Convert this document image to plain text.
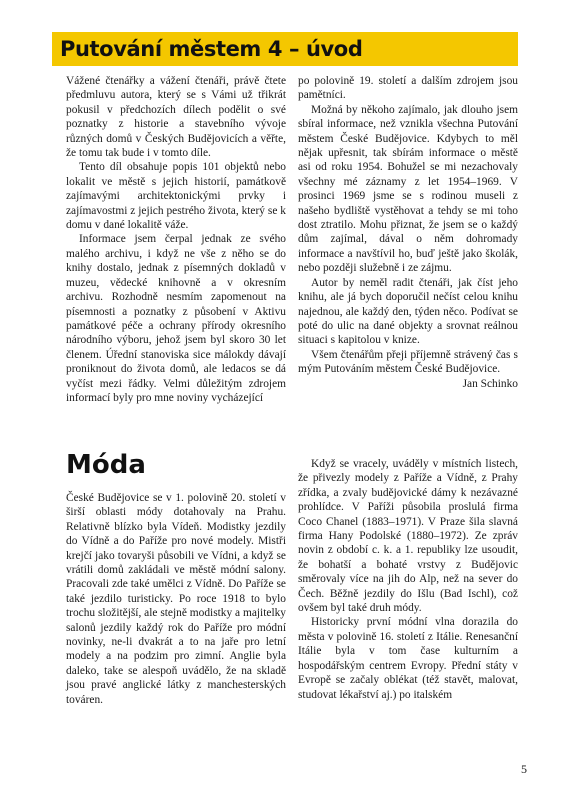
Putování městem 4 – úvod

Vážené čtenářky a vážení čtenáři, právě čtete předmluvu autora, který se s Vámi už třikrát pokusil v předchozích dílech podělit o své poznatky z historie a stavebního vývoje různých domů v Českých Budějovicích a věřte, že tomu tak bude i v tomto díle.

Tento díl obsahuje popis 101 objektů nebo lokalit ve městě s jejich historií, památkově zajímavými architektonickými prvky i zajímavostmi z jejich pestrého života, který se k domu v dané lokalitě váže.

Informace jsem čerpal jednak ze svého malého archivu, i když ne vše z něho se do knihy dostalo, jednak z písemných dokladů v muzeu, vědecké knihovně a v okresním archivu. Rozhodně nesmím zapomenout na písemnosti a poznatky z působení v Aktivu památkové péče a ochrany přírody okresního národního výboru, jehož jsem byl skoro 30 let členem. Úřední stanoviska sice málokdy dávají proniknout do života domů, ale ledacos se dá vyčíst mezi řádky. Velmi důležitým zdrojem informací byly pro mne noviny vycházející

po polovině 19. století a dalším zdrojem jsou pamětníci.

Možná by někoho zajímalo, jak dlouho jsem sbíral informace, než vznikla všechna Putování městem České Budějovice. Kdybych to měl nějak upřesnit, tak sbírám informace o městě asi od roku 1954. Bohužel se mi nezachovaly všechny mé záznamy z let 1954–1969. V prosinci 1969 jsme se s rodinou museli z našeho bydliště vystěhovat a tehdy se mi toho dost ztratilo. Mohu přiznat, že jsem se o každý dům zajímal, dával o něm dohromady informace a navštívil ho, buď ještě jako školák, nebo později služebně i ze zájmu.

Autor by neměl radit čtenáři, jak číst jeho knihu, ale já bych doporučil nečíst celou knihu najednou, ale každý den, týden něco. Podívat se poté do ulic na dané objekty a srovnat reálnou situaci s kapitolou v knize.

Všem čtenářům přeji příjemně strávený čas s mým Putováním městem České Budějovice.

Jan Schinko
Móda

České Budějovice se v 1. polovině 20. století v širší oblasti módy dotahovaly na Prahu. Relativně blízko byla Vídeň. Modistky jezdily do Vídně a do Paříže pro nové modely. Mistři krejčí jako tovaryši působili ve Vídni, a když se vrátili domů zakládali ve městě módní salony. Pracovali zde také umělci z Vídně. Do Paříže se také jezdilo turisticky. Po roce 1918 to bylo trochu složitější, ale stejně modistky a majitelky salonů jezdily každý rok do Paříže pro módní novinky, ne-li dvakrát a to na jaře pro letní modely a na podzim pro zimní. Anglie byla daleko, take se alespoň uvádělo, že na skladě jsou pravé anglické látky z manchesterských továren.

Když se vracely, uváděly v místních listech, že přivezly modely z Paříže a Vídně, z Prahy zřídka, a zvaly budějovické dámy k nezávazné prohlídce. V Paříži působila proslulá firma Coco Chanel (1883–1971). V Praze šila slavná firma Hany Podolské (1880–1972). Ze zpráv novin z období c. k. a 1. republiky lze usoudit, že bohatší a bohaté vrstvy z Budějovic směrovaly více na jih do Alp, než na sever do Čech. Běžně jezdily do Išlu (Bad Ischl), což ovšem byl také druh módy.

Historicky první módní vlna dorazila do města v polovině 16. století z Itálie. Renesanční Itálie byla v tom čase kulturním a hospodářským centrem Evropy. Přední státy v Evropě se začaly oblékat (též stavět, malovat, studovat lékařství aj.) po italském

5
